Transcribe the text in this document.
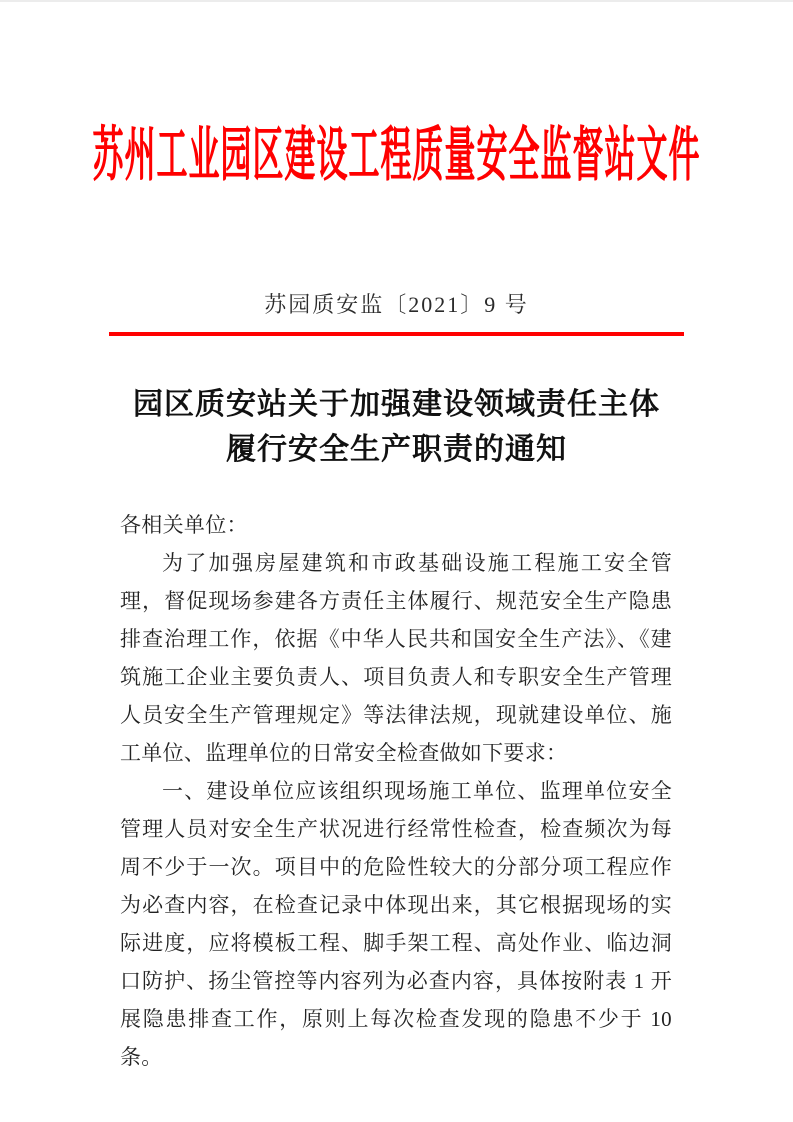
苏州工业园区建设工程质量安全监督站文件
苏园质安监〔2021〕9 号
园区质安站关于加强建设领域责任主体
履行安全生产职责的通知

各相关单位：

为了加强房屋建筑和市政基础设施工程施工安全管理，督促现场参建各方责任主体履行、规范安全生产隐患排查治理工作，依据《中华人民共和国安全生产法》、《建筑施工企业主要负责人、项目负责人和专职安全生产管理人员安全生产管理规定》等法律法规，现就建设单位、施工单位、监理单位的日常安全检查做如下要求：

一、建设单位应该组织现场施工单位、监理单位安全管理人员对安全生产状况进行经常性检查，检查频次为每周不少于一次。项目中的危险性较大的分部分项工程应作为必查内容，在检查记录中体现出来，其它根据现场的实际进度，应将模板工程、脚手架工程、高处作业、临边洞口防护、扬尘管控等内容列为必查内容，具体按附表 1 开展隐患排查工作，原则上每次检查发现的隐患不少于 10 条。
